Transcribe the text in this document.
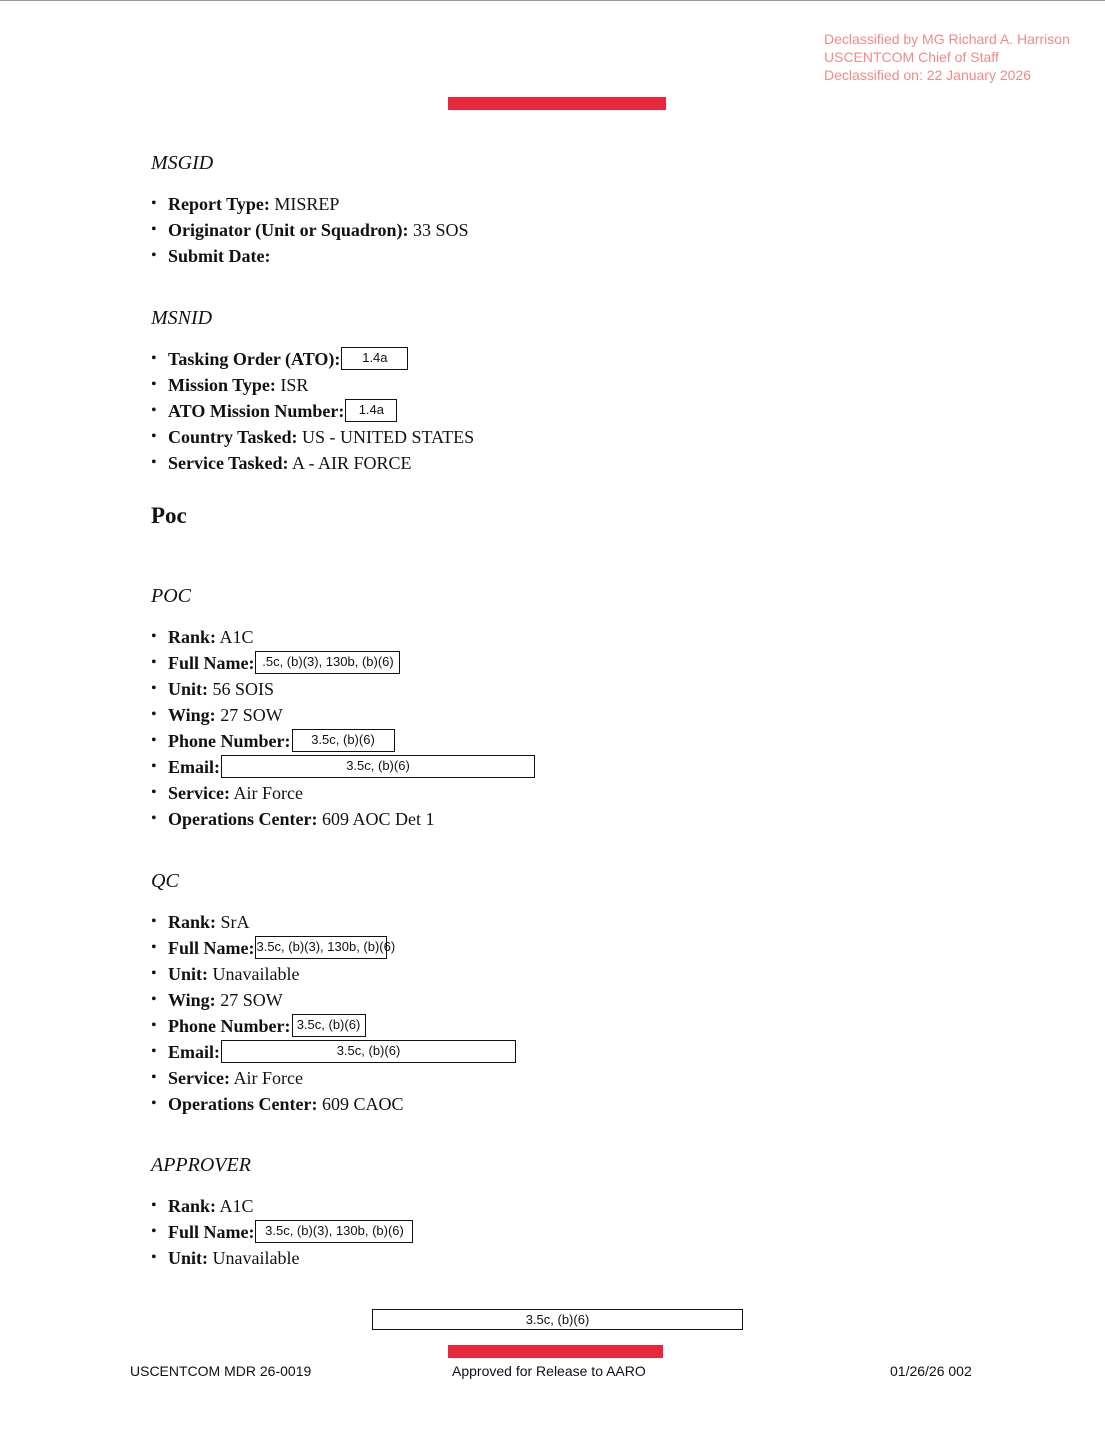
Declassified by MG Richard A. Harrison
USCENTCOM Chief of Staff
Declassified on: 22 January 2026
MSGID
• Report Type: MISREP
• Originator (Unit or Squadron): 33 SOS
• Submit Date:
MSNID
• Tasking Order (ATO): 1.4a
• Mission Type: ISR
• ATO Mission Number: 1.4a
• Country Tasked: US - UNITED STATES
• Service Tasked: A - AIR FORCE
Poc
POC
• Rank: A1C
• Full Name: .5c, (b)(3), 130b, (b)(6)
• Unit: 56 SOIS
• Wing: 27 SOW
• Phone Number: 3.5c, (b)(6)
• Email:	3.5c, (b)(6)
• Service: Air Force
• Operations Center: 609 AOC Det 1
QC
• Rank: SrA
• Full Name: 3.5c, (b)(3), 130b, (b)(6)
• Unit: Unavailable
• Wing: 27 SOW
• Phone Number: 3.5c, (b)(6)
• Email:	3.5c, (b)(6)
• Service: Air Force
• Operations Center: 609 CAOC
APPROVER
• Rank: A1C
• Full Name: 3.5c, (b)(3), 130b, (b)(6)
• Unit: Unavailable
3.5c, (b)(6)
USCENTCOM MDR 26-0019	Approved for Release to AARO	01/26/26 002
